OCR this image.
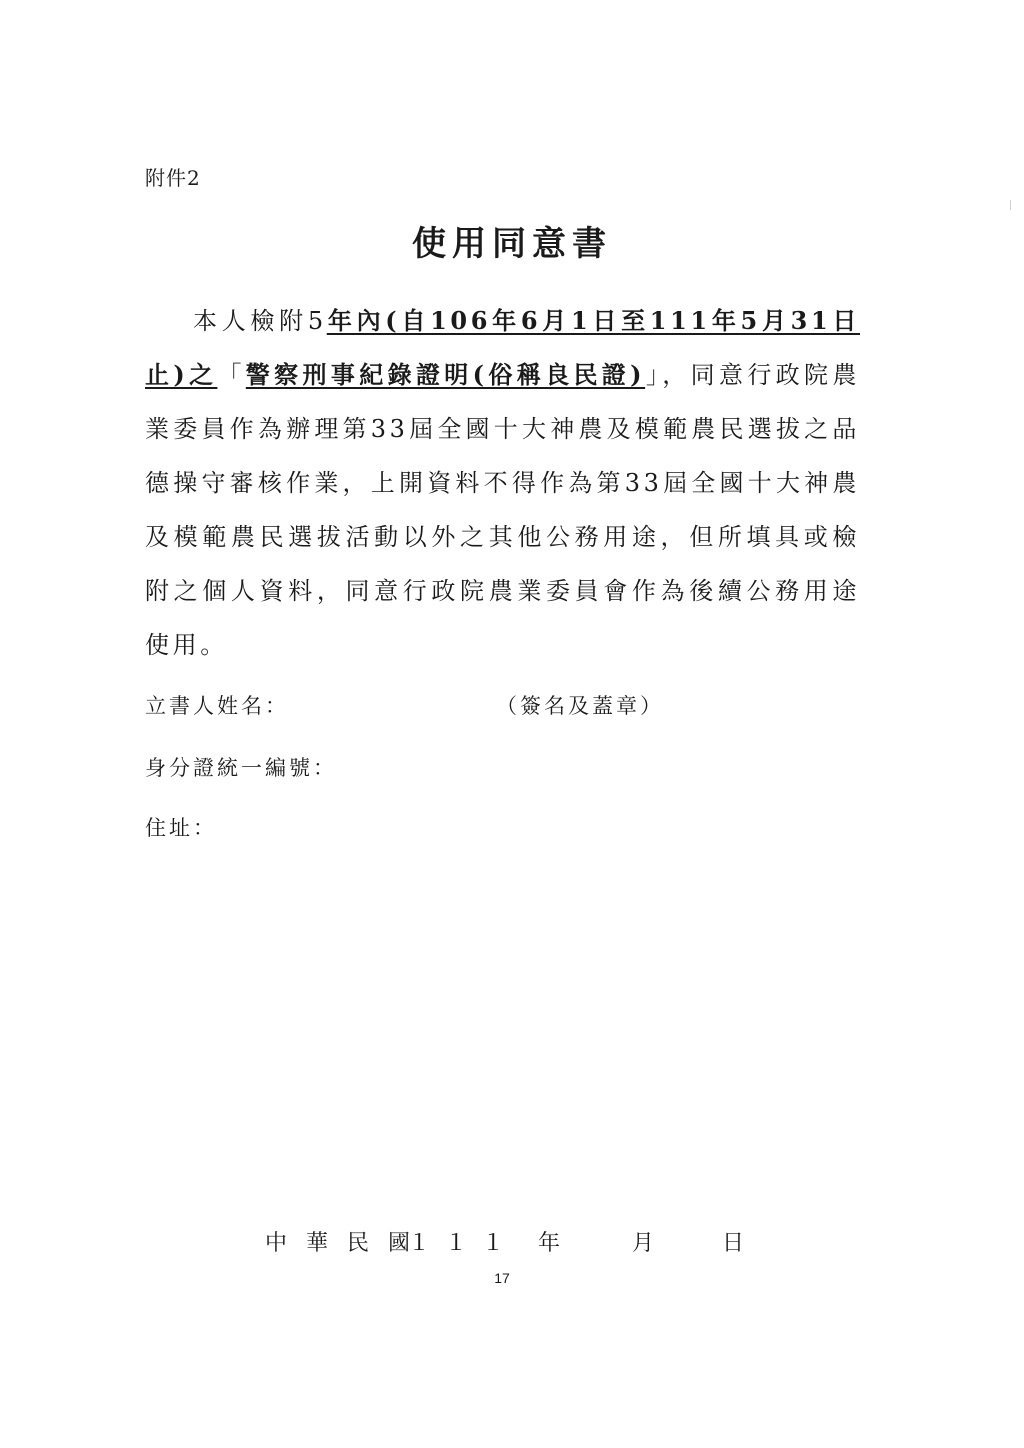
附件2
使用同意書
本人檢附5年內(自106年6月1日至111年5月31日止)之「警察刑事紀錄證明(俗稱良民證)」，同意行政院農業委員作為辦理第33屆全國十大神農及模範農民選拔之品德操守審核作業，上開資料不得作為第33屆全國十大神農及模範農民選拔活動以外之其他公務用途，但所填具或檢附之個人資料，同意行政院農業委員會作為後續公務用途使用。
立書人姓名：	（簽名及蓋章）
身分證統一編號：
住址：
中 華 民 國
１ １ １ 年	月	日
17
